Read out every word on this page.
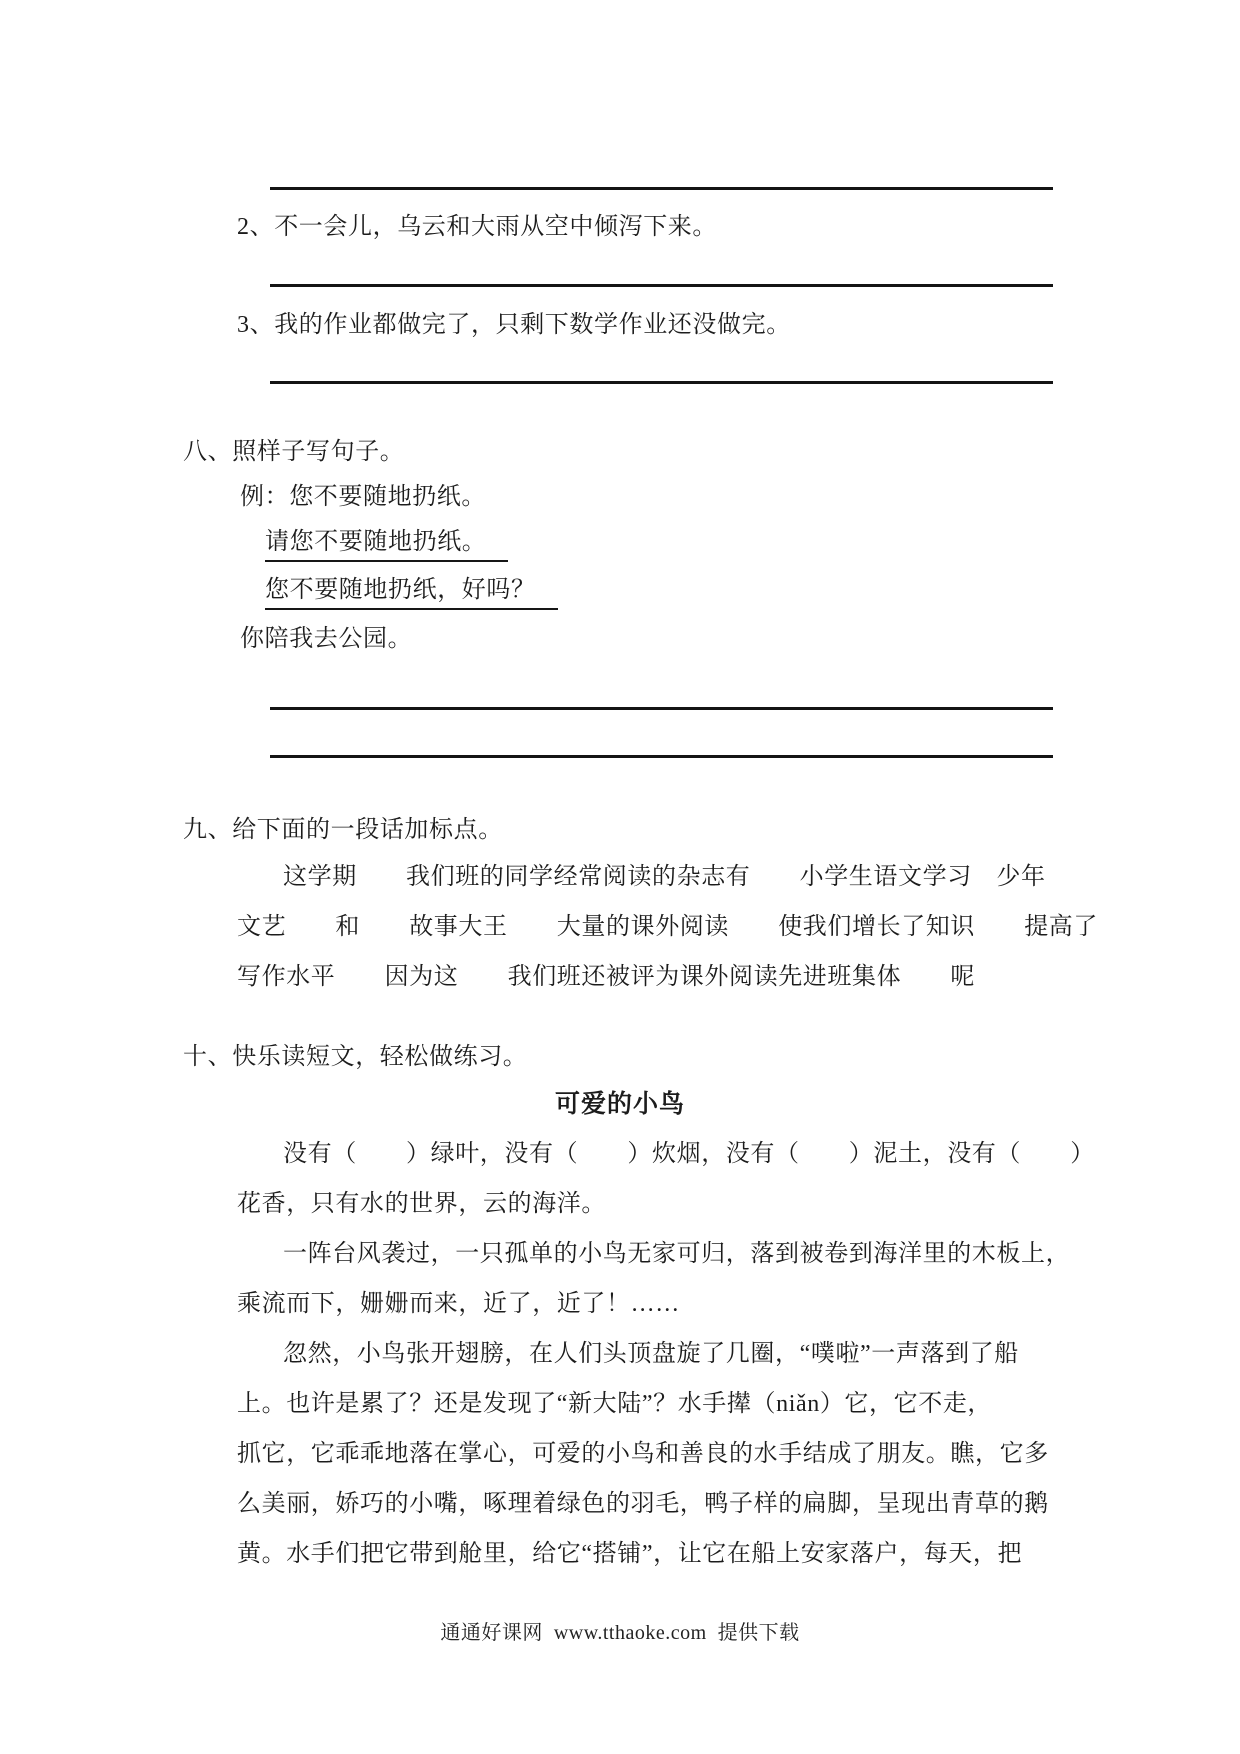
2、不一会儿，乌云和大雨从空中倾泻下来。
3、我的作业都做完了，只剩下数学作业还没做完。
八、照样子写句子。
例：您不要随地扔纸。
请您不要随地扔纸。
您不要随地扔纸，好吗？
你陪我去公园。
九、给下面的一段话加标点。
这学期　　我们班的同学经常阅读的杂志有　　小学生语文学习　少年
文艺　　和　　故事大王　　大量的课外阅读　　使我们增长了知识　　提高了
写作水平　　因为这　　我们班还被评为课外阅读先进班集体　　呢
十、快乐读短文，轻松做练习。
可爱的小鸟
没有（　　）绿叶，没有（　　）炊烟，没有（　　）泥土，没有（　　）
花香，只有水的世界，云的海洋。
一阵台风袭过，一只孤单的小鸟无家可归，落到被卷到海洋里的木板上，
乘流而下，姗姗而来，近了，近了！……
忽然，小鸟张开翅膀，在人们头顶盘旋了几圈，“噗啦”一声落到了船
上。也许是累了？还是发现了“新大陆”？水手撵（niǎn）它，它不走，
抓它，它乖乖地落在掌心，可爱的小鸟和善良的水手结成了朋友。瞧，它多
么美丽，娇巧的小嘴，啄理着绿色的羽毛，鸭子样的扁脚，呈现出青草的鹅
黄。水手们把它带到舱里，给它“搭铺”，让它在船上安家落户，每天，把
通通好课网  www.tthaoke.com  提供下载
